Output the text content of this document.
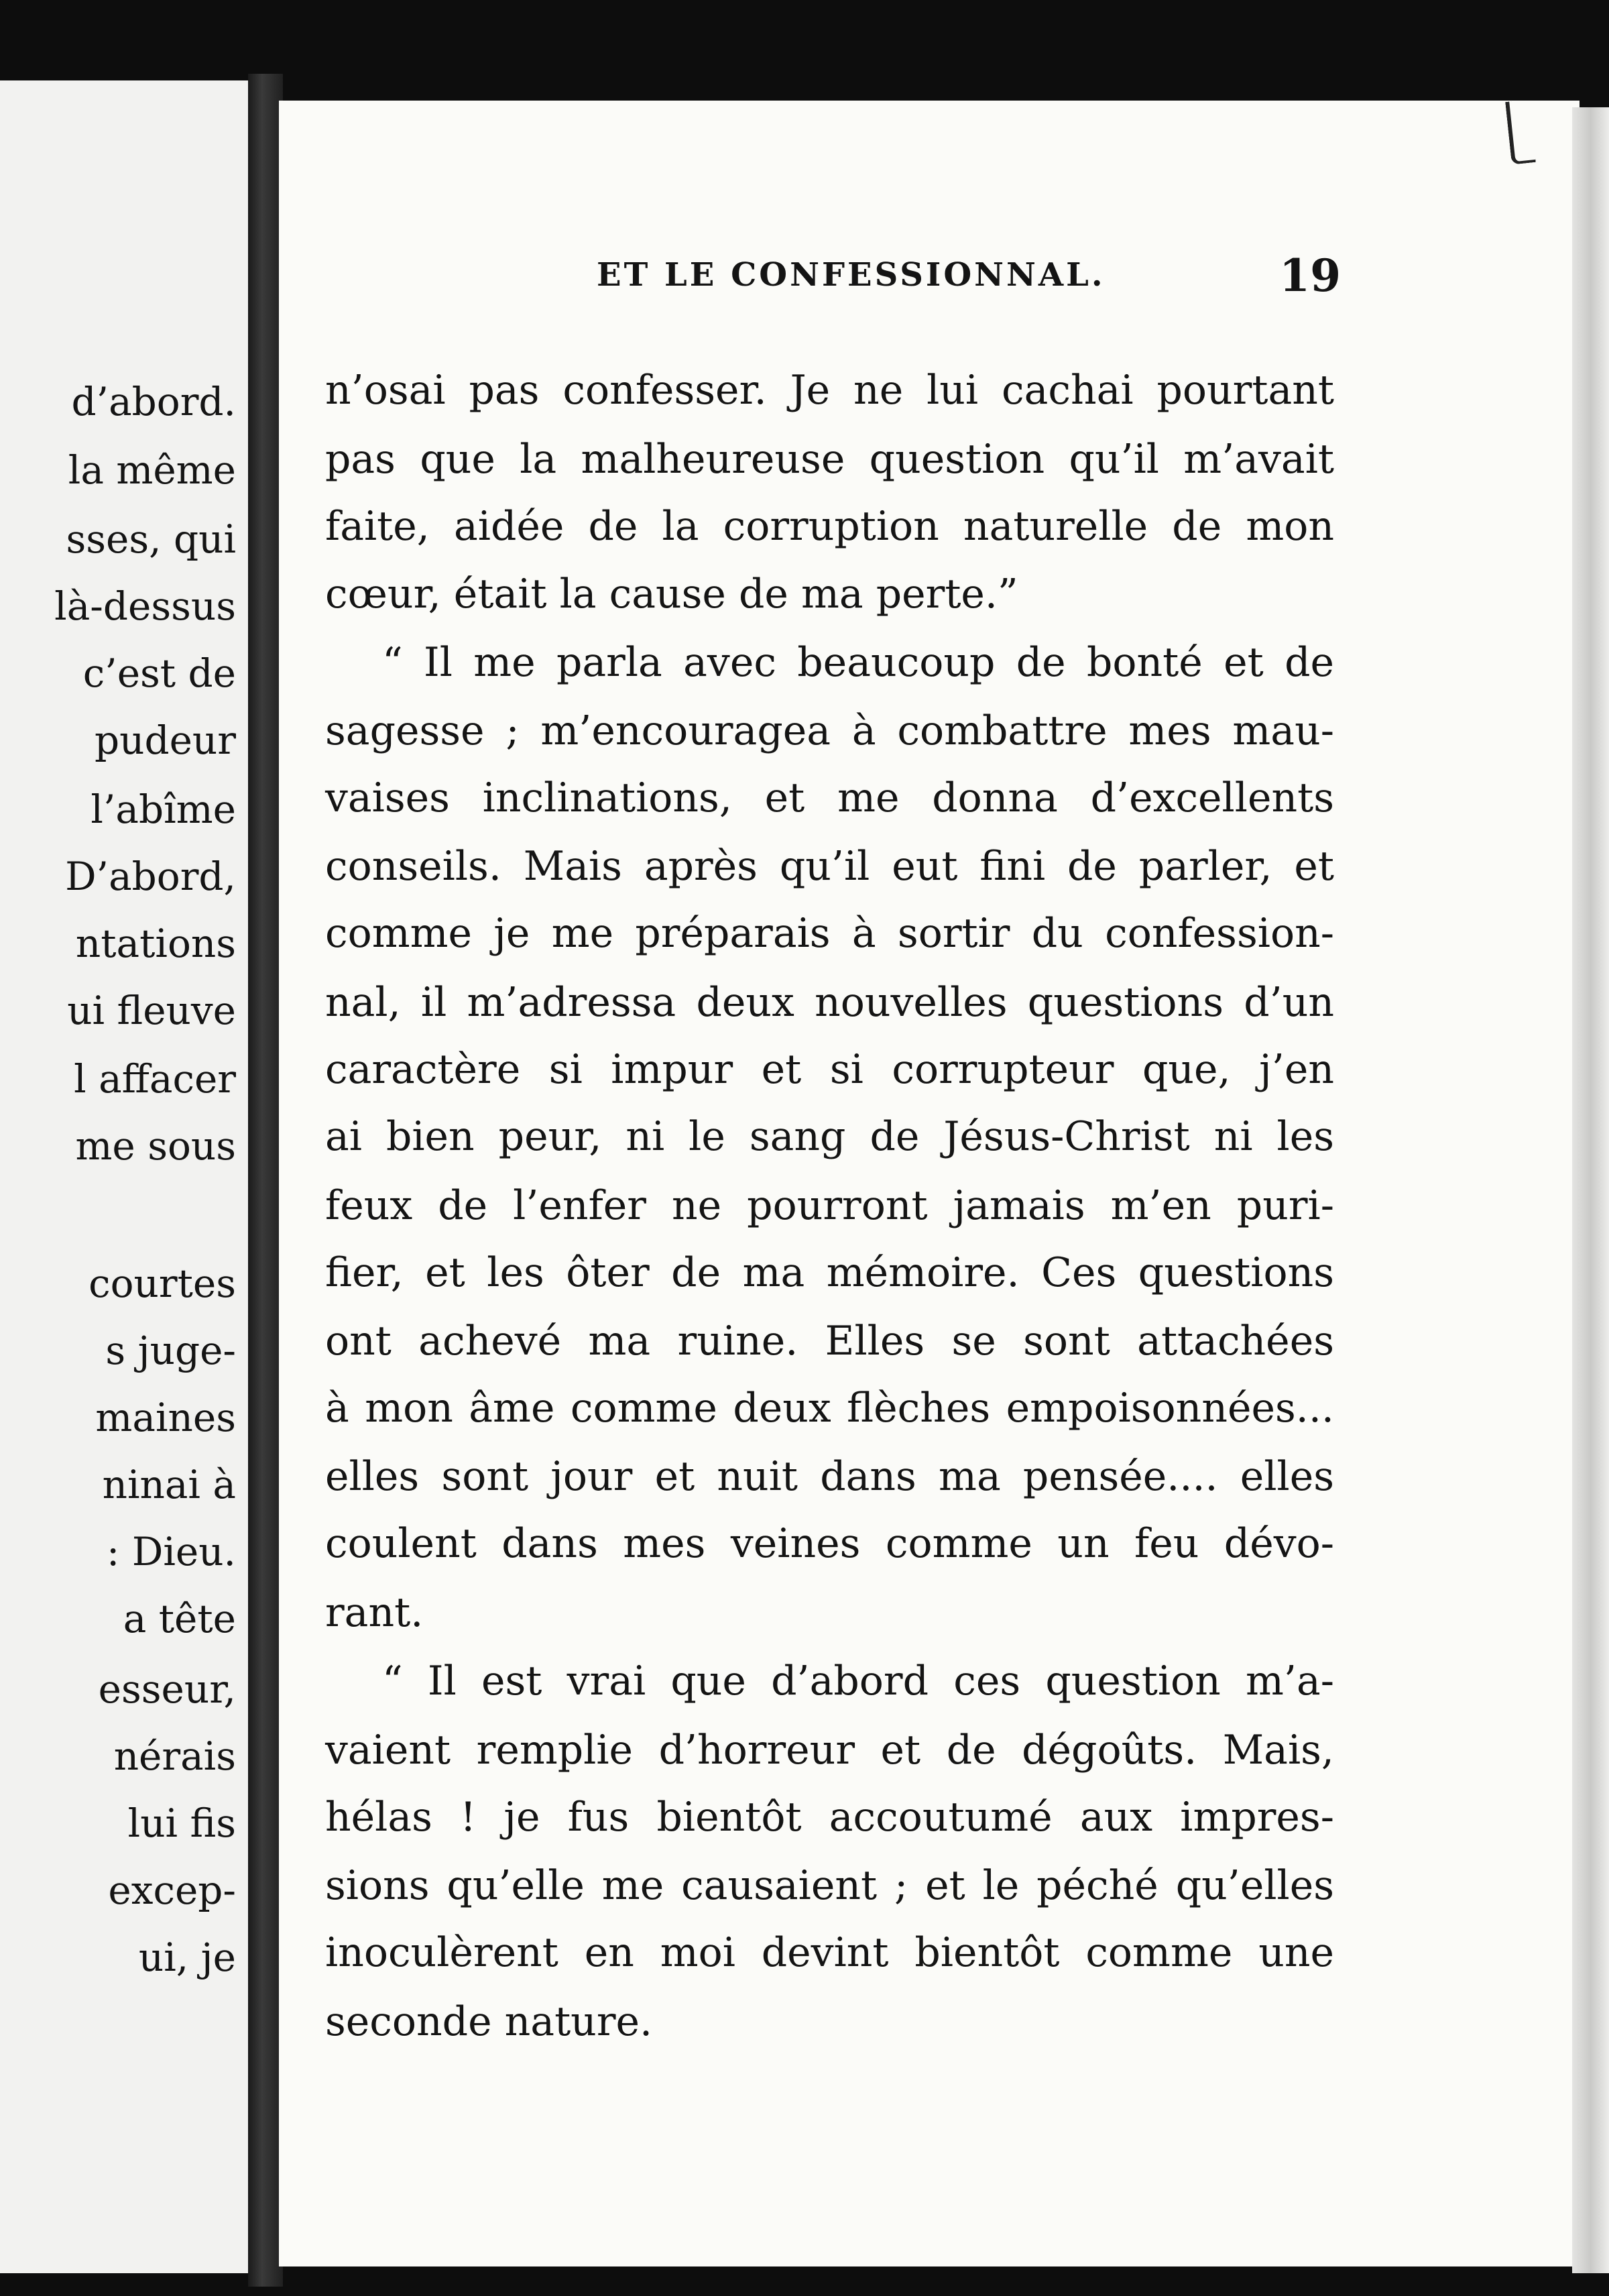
d’abord.
la même
sses, qui
là-dessus
c’est de
pudeur
l’abîme
D’abord,
ntations
ui fleuve
l affacer
me sous
courtes
s juge-
maines
ninai à
: Dieu.
a tête
esseur,
nérais
lui fis
excep-
ui, je
ET LE CONFESSIONNAL.	19
n’osai pas confesser. Je ne lui cachai pourtant
pas que la malheureuse question qu’il m’avait
faite, aidée de la corruption naturelle de mon
cœur, était la cause de ma perte.”
“ Il me parla avec beaucoup de bonté et de
sagesse ; m’encouragea à combattre mes mau-
vaises inclinations, et me donna d’excellents
conseils. Mais après qu’il eut fini de parler, et
comme je me préparais à sortir du confession-
nal, il m’adressa deux nouvelles questions d’un
caractère si impur et si corrupteur que, j’en
ai bien peur, ni le sang de Jésus-Christ ni les
feux de l’enfer ne pourront jamais m’en puri-
fier, et les ôter de ma mémoire. Ces questions
ont achevé ma ruine. Elles se sont attachées
à mon âme comme deux flèches empoisonnées...
elles sont jour et nuit dans ma pensée.... elles
coulent dans mes veines comme un feu dévo-
rant.
“ Il est vrai que d’abord ces question m’a-
vaient remplie d’horreur et de dégoûts. Mais,
hélas ! je fus bientôt accoutumé aux impres-
sions qu’elle me causaient ; et le péché qu’elles
inoculèrent en moi devint bientôt comme une
seconde nature.
